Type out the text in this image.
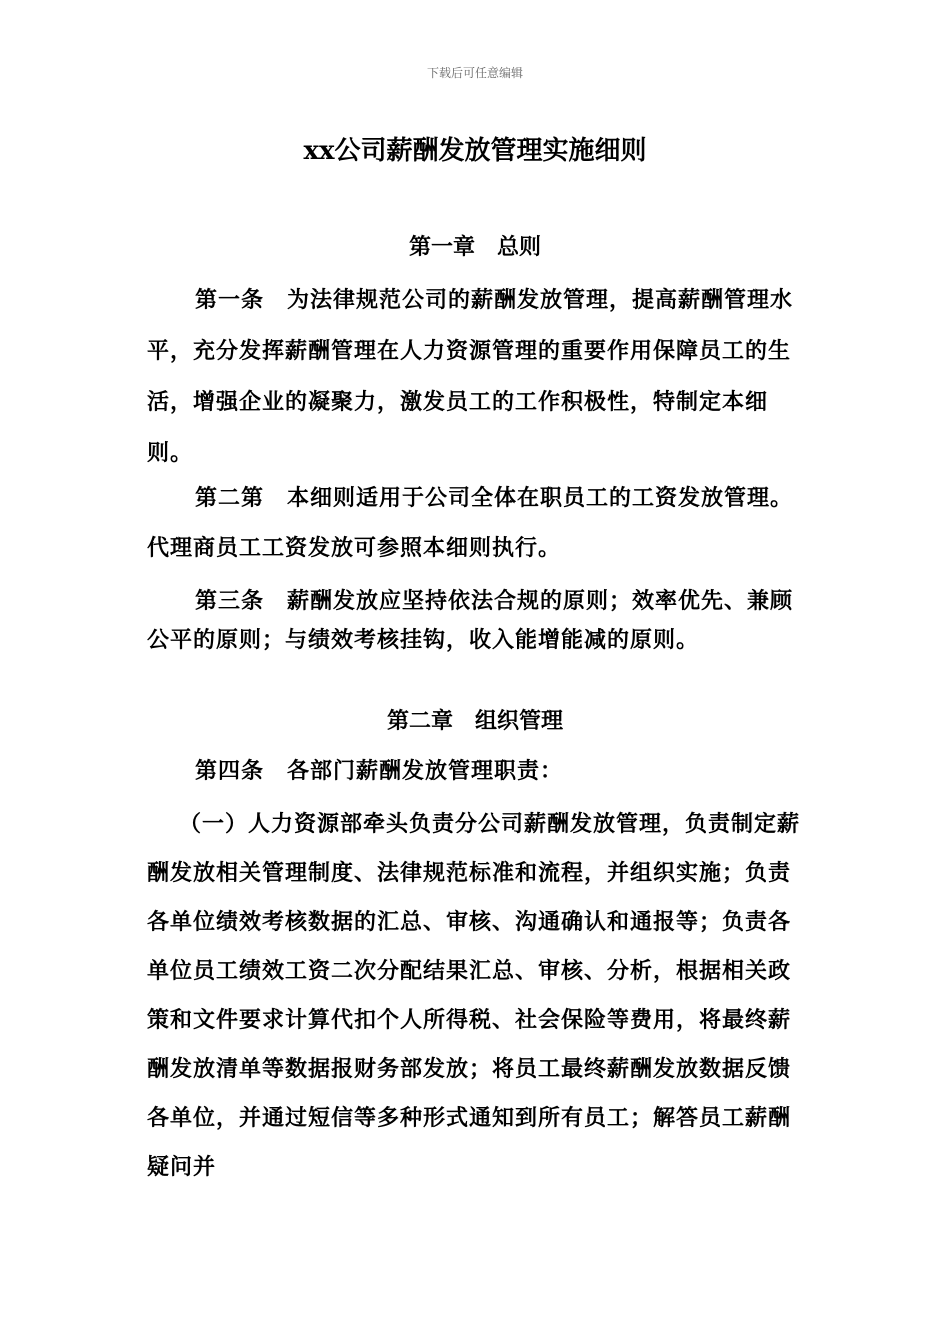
下载后可任意编辑
xx公司薪酬发放管理实施细则
第一章　总则

第一条　为法律规范公司的薪酬发放管理，提高薪酬管理水平，充分发挥薪酬管理在人力资源管理的重要作用保障员工的生活，增强企业的凝聚力，激发员工的工作积极性，特制定本细则。

第二第　本细则适用于公司全体在职员工的工资发放管理。代理商员工工资发放可参照本细则执行。

第三条　薪酬发放应坚持依法合规的原则；效率优先、兼顾公平的原则；与绩效考核挂钩，收入能增能减的原则。

第二章　组织管理

第四条　各部门薪酬发放管理职责：

（一）人力资源部牵头负责分公司薪酬发放管理，负责制定薪酬发放相关管理制度、法律规范标准和流程，并组织实施；负责各单位绩效考核数据的汇总、审核、沟通确认和通报等；负责各单位员工绩效工资二次分配结果汇总、审核、分析，根据相关政策和文件要求计算代扣个人所得税、社会保险等费用，将最终薪酬发放清单等数据报财务部发放；将员工最终薪酬发放数据反馈各单位，并通过短信等多种形式通知到所有员工；解答员工薪酬疑问并
